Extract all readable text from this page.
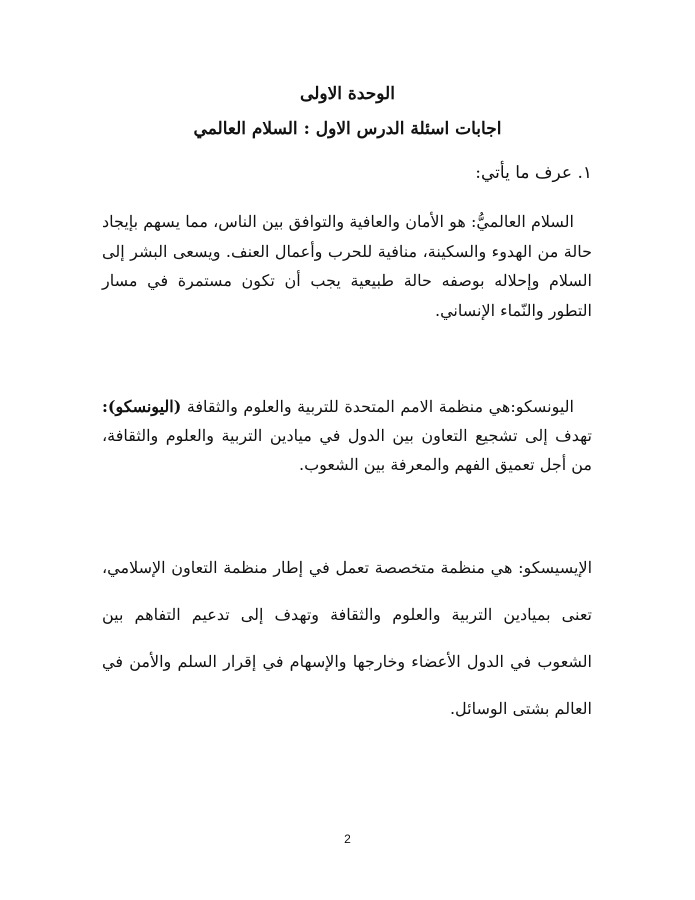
الوحدة الاولى
اجابات اسئلة الدرس الاول : السلام العالمي

١. عرف ما يأتي:

السلام العالميُّ: هو الأمان والعافية والتوافق بين الناس، مما يسهم بإيجاد حالة من الهدوء والسكينة، منافية للحرب وأعمال العنف. ويسعى البشر إلى السلام وإحلاله بوصفه حالة طبيعية يجب أن تكون مستمرة في مسار التطور والنّماء الإنساني.

اليونسكو:هي منظمة الامم المتحدة للتربية والعلوم والثقافة (اليونسكو): تهدف إلى تشجيع التعاون بين الدول في ميادين التربية والعلوم والثقافة، من أجل تعميق الفهم والمعرفة بين الشعوب.

الإيسيسكو: هي منظمة متخصصة تعمل في إطار منظمة التعاون الإسلامي، تعنى بميادين التربية والعلوم والثقافة وتهدف إلى تدعيم التفاهم بين الشعوب في الدول الأعضاء وخارجها والإسهام في إقرار السلم والأمن في العالم بشتى الوسائل.

2
